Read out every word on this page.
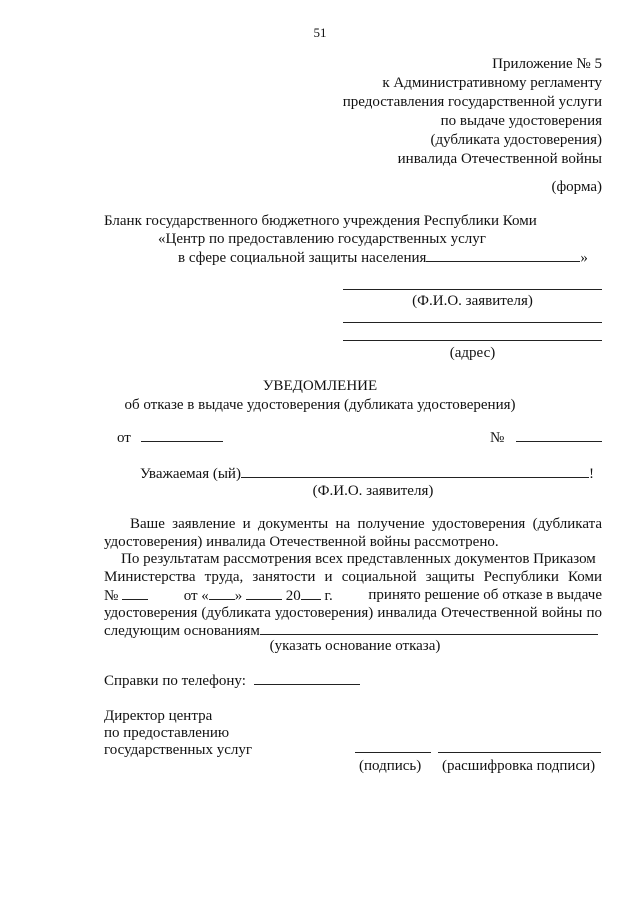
51
Приложение № 5
к Административному регламенту
предоставления государственной услуги
по выдаче удостоверения
(дубликата удостоверения)
инвалида Отечественной войны
(форма)
Бланк государственного бюджетного учреждения Республики Коми
«Центр по предоставлению государственных услуг
в сфере социальной защиты населения	»
(Ф.И.О. заявителя)
(адрес)
УВЕДОМЛЕНИЕ
об отказе в выдаче удостоверения (дубликата удостоверения)
от	№
Уважаемая (ый)	!
(Ф.И.О. заявителя)
Ваше заявление и документы на получение удостоверения (дубликата
удостоверения) инвалида Отечественной войны рассмотрено.
По результатам рассмотрения всех представленных документов Приказом
Министерства труда, занятости и социальной защиты Республики Коми
№	от « »	20 г. принято решение об отказе в выдаче
удостоверения (дубликата удостоверения) инвалида Отечественной войны по
следующим основаниям
(указать основание отказа)
Справки по телефону:
Директор центра
по предоставлению
государственных услуг
(подпись) (расшифровка подписи)
